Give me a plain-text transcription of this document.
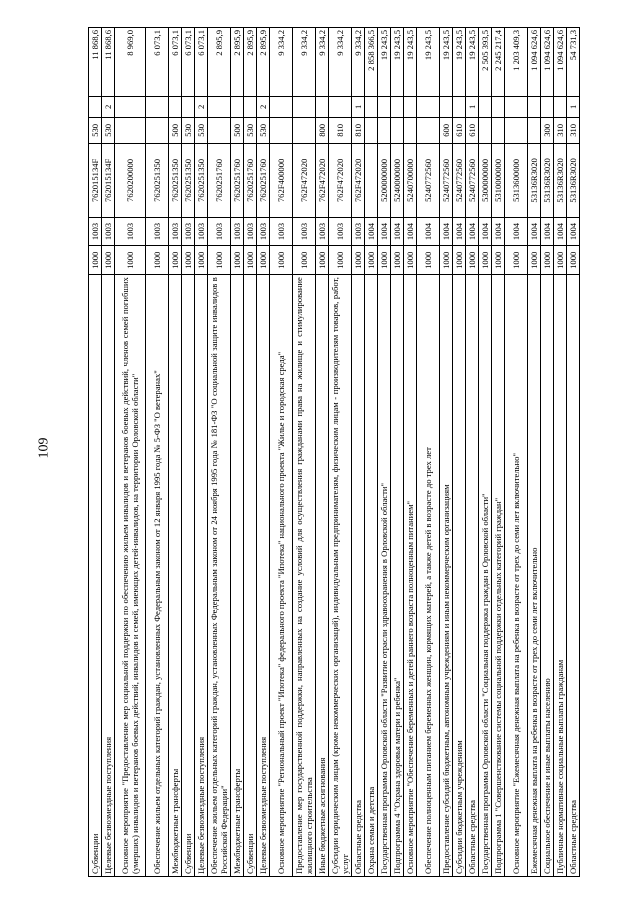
109
Субвенции	1000	1003	762015134F	530		11 868,6
Целевые безвозмездные поступления	1000	1003	762015134F	530	2	11 868,6
Основное мероприятие "Предоставление мер социальной поддержки по обеспечению жильем инвалидов и ветеранов боевых действий, членов семей погибших (умерших) инвалидов и ветеранов боевых действий, инвалидов и семей, имеющих детей-инвалидов, на территории Орловской области"	1000	1003	7620200000			8 969,0
Обеспечение жильем отдельных категорий граждан, установленных Федеральным законом от 12 января 1995 года № 5-ФЗ "О ветеранах"	1000	1003	7620251350			6 073,1
Межбюджетные трансферты	1000	1003	7620251350	500		6 073,1
Субвенции	1000	1003	7620251350	530		6 073,1
Целевые безвозмездные поступления	1000	1003	7620251350	530	2	6 073,1
Обеспечение жильем отдельных категорий граждан, установленных Федеральным законом от 24 ноября 1995 года № 181-ФЗ "О социальной защите инвалидов в Российской Федерации"	1000	1003	7620251760			2 895,9
Межбюджетные трансферты	1000	1003	7620251760	500		2 895,9
Субвенции	1000	1003	7620251760	530		2 895,9
Целевые безвозмездные поступления	1000	1003	7620251760	530	2	2 895,9
Основное мероприятие "Региональный проект "Ипотека" федерального проекта "Ипотека" национального проекта "Жилье и городская среда"	1000	1003	762F400000			9 334,2
Предоставление мер государственной поддержки, направленных на создание условий для осуществления гражданами права на жилище и стимулирование жилищного строительства	1000	1003	762F472020			9 334,2
Иные бюджетные ассигнования	1000	1003	762F472020	800		9 334,2
Субсидии юридическим лицам (кроме некоммерческих организаций), индивидуальным предпринимателям, физическим лицам - производителям товаров, работ, услуг	1000	1003	762F472020	810		9 334,2
Областные средства	1000	1003	762F472020	810	1	9 334,2
Охрана семьи и детства	1000	1004				2 858 366,5
Государственная программа Орловской области "Развитие отрасли здравоохранения в Орловской области"	1000	1004	5200000000			19 243,5
Подпрограмма 4 "Охрана здоровья матери и ребенка"	1000	1004	5240000000			19 243,5
Основное мероприятие "Обеспечение беременных и детей раннего возраста полноценным питанием"	1000	1004	5240700000			19 243,5
Обеспечение полноценным питанием беременных женщин, кормящих матерей, а также детей в возрасте до трех лет	1000	1004	5240772560			19 243,5
Предоставление субсидий бюджетным, автономным учреждениям и иным некоммерческим организациям	1000	1004	5240772560	600		19 243,5
Субсидии бюджетным учреждениям	1000	1004	5240772560	610		19 243,5
Областные средства	1000	1004	5240772560	610	1	19 243,5
Государственная программа Орловской области "Социальная поддержка граждан в Орловской области"	1000	1004	5300000000			2 505 393,5
Подпрограмма 1 "Совершенствование системы социальной поддержки отдельных категорий граждан"	1000	1004	5310000000			2 245 217,4
Основное мероприятие "Ежемесячная денежная выплата на ребенка в возрасте от трех до семи лет включительно"	1000	1004	5313600000			1 203 409,3
Ежемесячная денежная выплата на ребенка в возрасте от трех до семи лет включительно	1000	1004	53136R3020			1 094 624,6
Социальное обеспечение и иные выплаты населению	1000	1004	53136R3020	300		1 094 624,6
Публичные нормативные социальные выплаты гражданам	1000	1004	53136R3020	310		1 094 624,6
Областные средства	1000	1004	53136R3020	310	1	54 731,3
